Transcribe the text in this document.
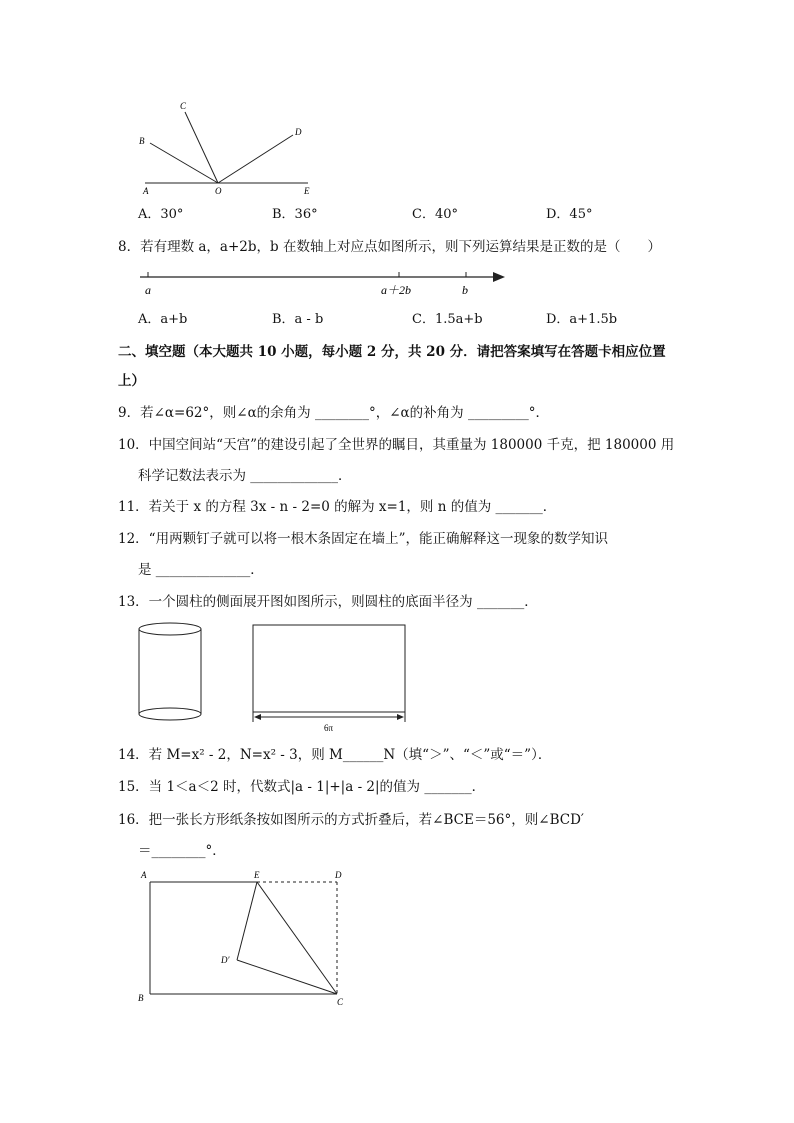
A	O	E
B
C
D
A．30°	B．36°	C．40°	D．45°
8．若有理数 a，a+2b，b 在数轴上对应点如图所示，则下列运算结果是正数的是（　　）
a	a＋2b	b
A．a+b	B．a - b	C．1.5a+b	D．a+1.5b
二、填空题（本大题共 10 小题，每小题 2 分，共 20 分．请把答案填写在答题卡相应位置
上）
9．若∠α=62°，则∠α的余角为 ________°，∠α的补角为 _________°．
10．中国空间站“天宫”的建设引起了全世界的瞩目，其重量为 180000 千克，把 180000 用
科学记数法表示为 _____________．
11．若关于 x 的方程 3x - n - 2=0 的解为 x=1，则 n 的值为 _______．
12．“用两颗钉子就可以将一根木条固定在墙上”，能正确解释这一现象的数学知识
是 ______________．
13．一个圆柱的侧面展开图如图所示，则圆柱的底面半径为 _______．
6π
14．若 M=x² - 2，N=x² - 3，则 M______N（填“＞”、“＜”或“＝”）．
15．当 1＜a＜2 时，代数式|a - 1|+|a - 2|的值为 _______．
16．把一张长方形纸条按如图所示的方式折叠后，若∠BCE＝56°，则∠BCD′
＝________°．
A	E	D
D′
B	C
